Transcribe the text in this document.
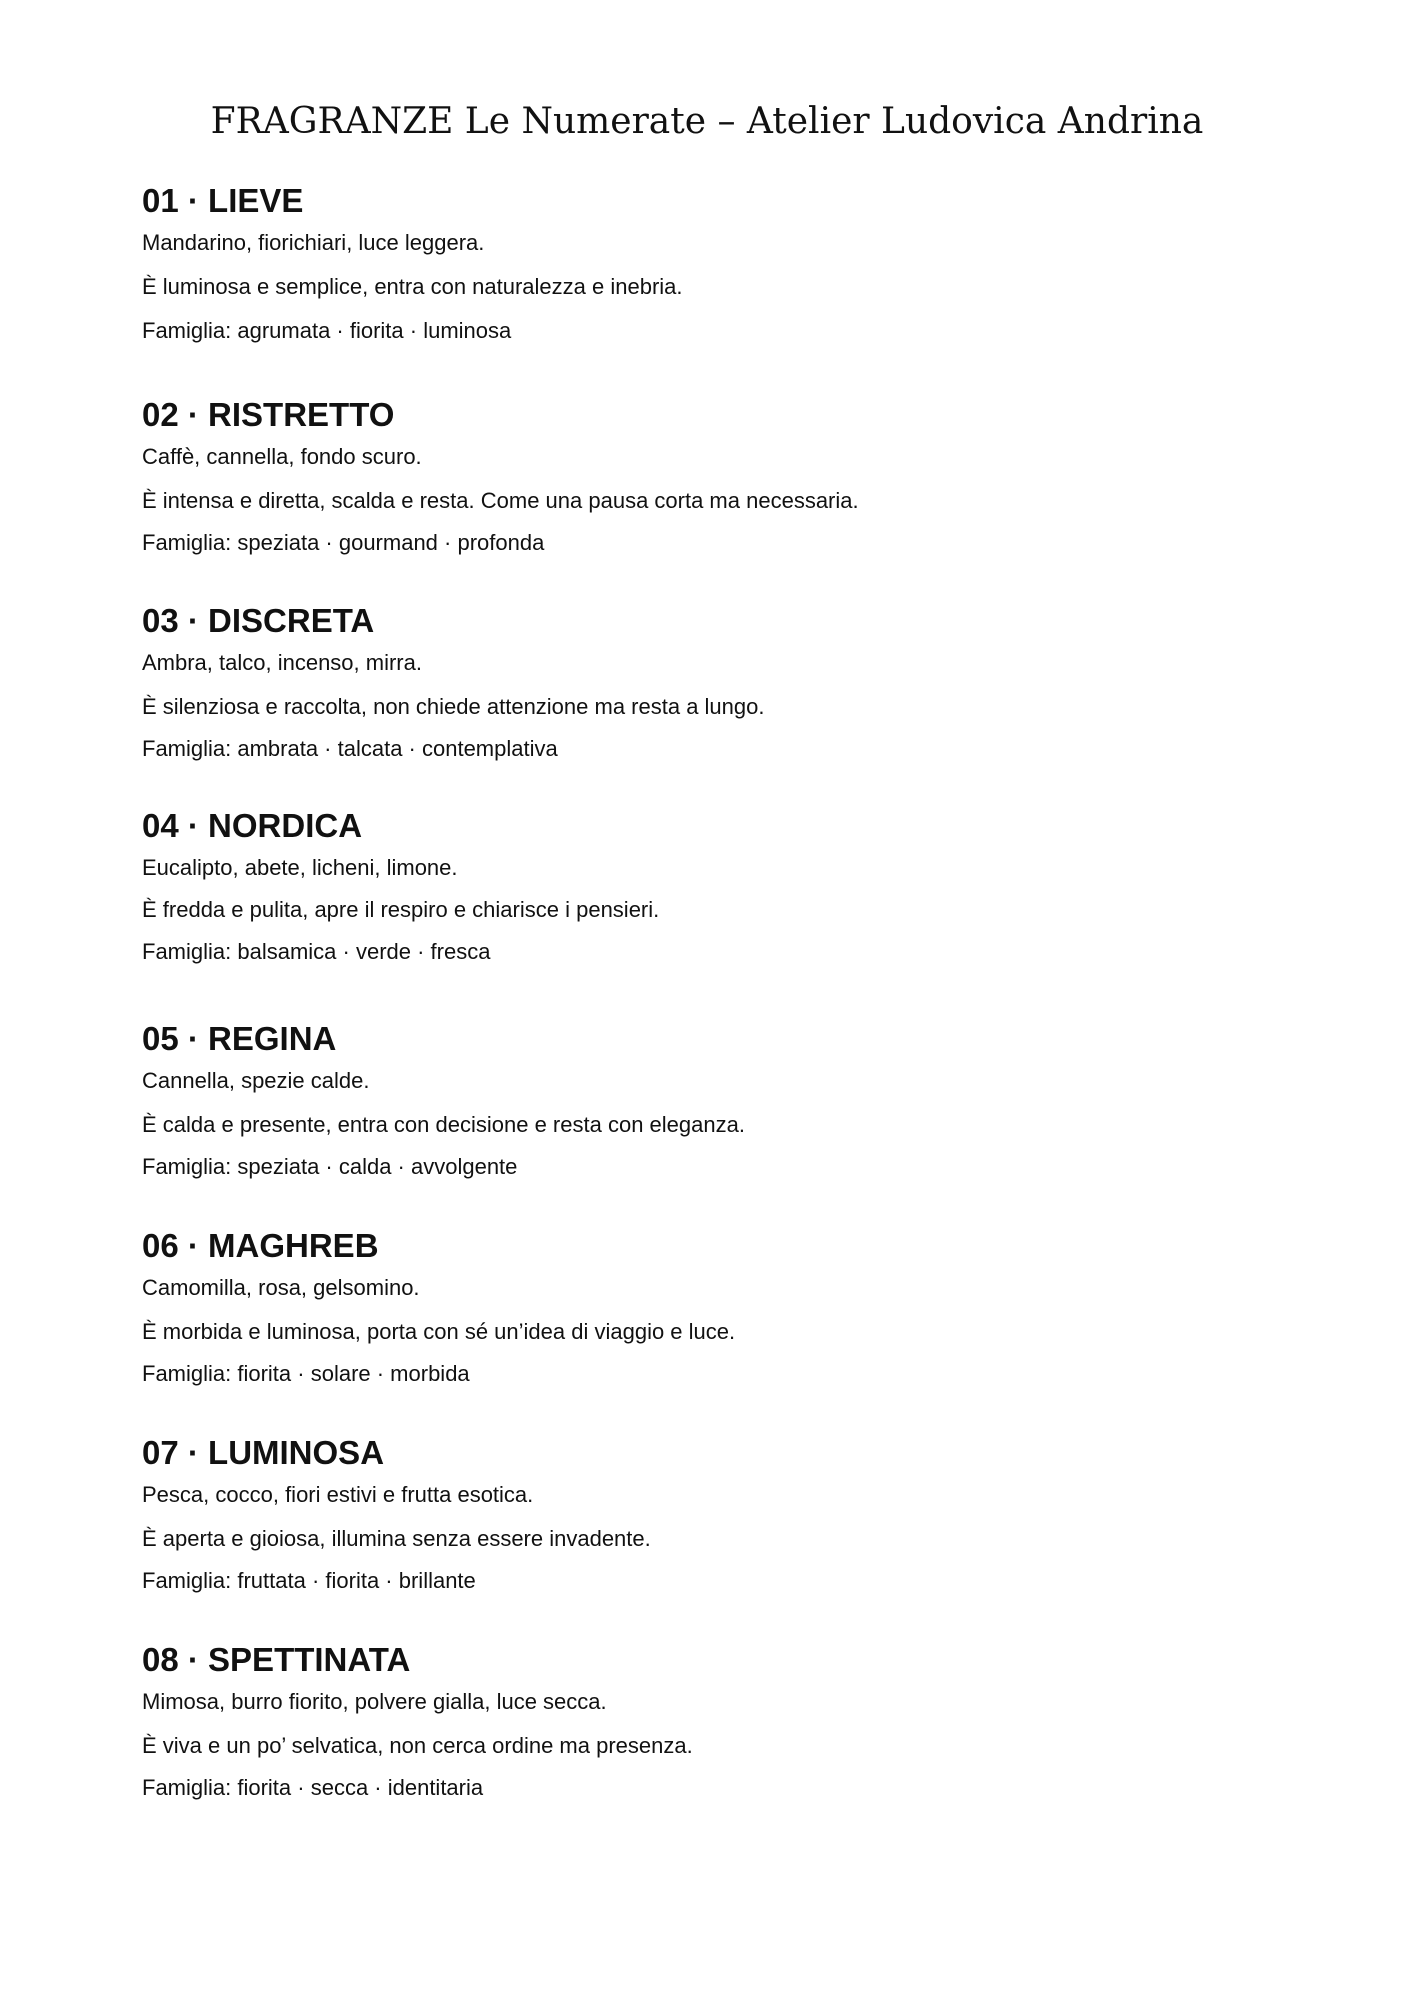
FRAGRANZE Le Numerate – Atelier Ludovica Andrina
01 · LIEVE

Mandarino, fiorichiari, luce leggera.

È luminosa e semplice, entra con naturalezza e inebria.

Famiglia: agrumata · fiorita · luminosa

02 · RISTRETTO

Caffè, cannella, fondo scuro.

È intensa e diretta, scalda e resta. Come una pausa corta ma necessaria.

Famiglia: speziata · gourmand · profonda

03 · DISCRETA

Ambra, talco, incenso, mirra.

È silenziosa e raccolta, non chiede attenzione ma resta a lungo.

Famiglia: ambrata · talcata · contemplativa

04 · NORDICA

Eucalipto, abete, licheni, limone.

È fredda e pulita, apre il respiro e chiarisce i pensieri.

Famiglia: balsamica · verde · fresca

05 · REGINA

Cannella, spezie calde.

È calda e presente, entra con decisione e resta con eleganza.

Famiglia: speziata · calda · avvolgente

06 · MAGHREB

Camomilla, rosa, gelsomino.

È morbida e luminosa, porta con sé un’idea di viaggio e luce.

Famiglia: fiorita · solare · morbida

07 · LUMINOSA

Pesca, cocco, fiori estivi e frutta esotica.

È aperta e gioiosa, illumina senza essere invadente.

Famiglia: fruttata · fiorita · brillante

08 · SPETTINATA

Mimosa, burro fiorito, polvere gialla, luce secca.

È viva e un po’ selvatica, non cerca ordine ma presenza.

Famiglia: fiorita · secca · identitaria
